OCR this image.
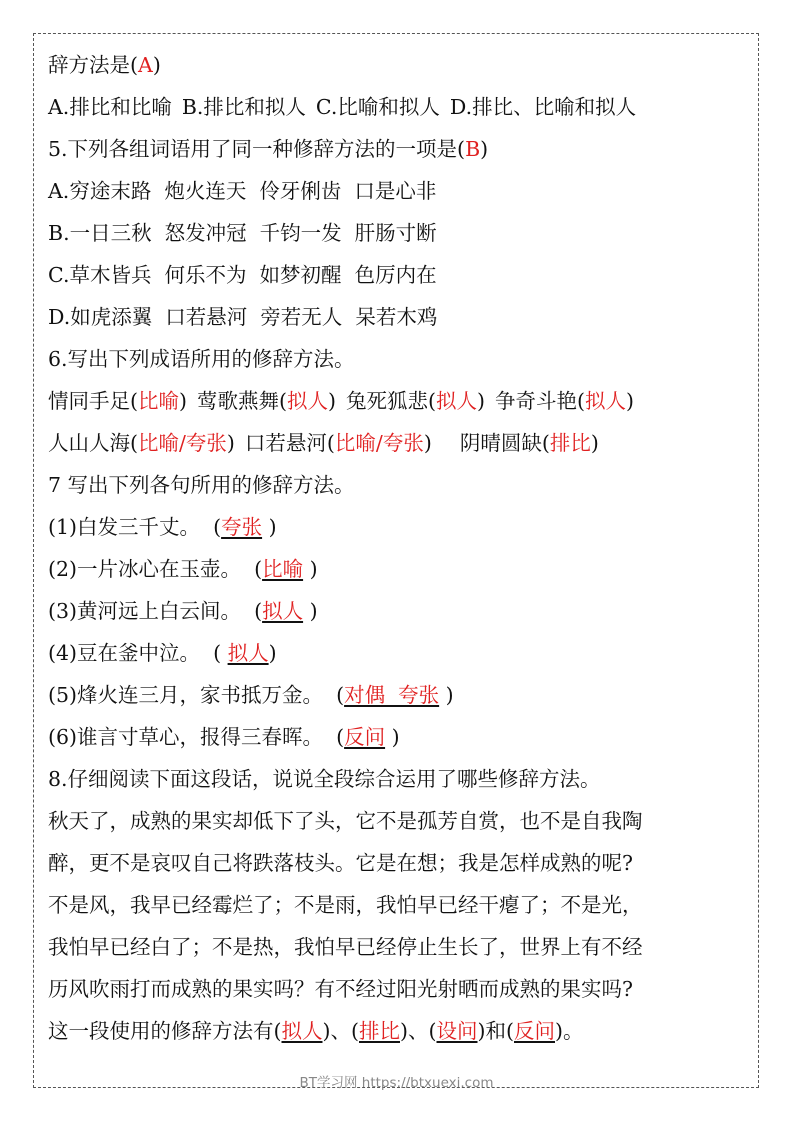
辞方法是(A)
A.排比和比喻 B.排比和拟人 C.比喻和拟人 D.排比、比喻和拟人
5.下列各组词语用了同一种修辞方法的一项是(B)
A.穷途末路  炮火连天  伶牙俐齿  口是心非
B.一日三秋  怒发冲冠  千钧一发  肝肠寸断
C.草木皆兵  何乐不为  如梦初醒  色厉内在
D.如虎添翼  口若悬河  旁若无人  呆若木鸡
6.写出下列成语所用的修辞方法。
情同手足(比喻) 莺歌燕舞(拟人) 兔死狐悲(拟人) 争奇斗艳(拟人)
人山人海(比喻/夸张) 口若悬河(比喻/夸张) 阴晴圆缺(排比)
7 写出下列各句所用的修辞方法。
(1)白发三千丈。  (夸张 )
(2)一片冰心在玉壶。  (比喻 )
(3)黄河远上白云间。  (拟人 )
(4)豆在釜中泣。  ( 拟人)
(5)烽火连三月，家书抵万金。  (对偶  夸张 )
(6)谁言寸草心，报得三春晖。  (反问 )
8.仔细阅读下面这段话，说说全段综合运用了哪些修辞方法。
秋天了，成熟的果实却低下了头，它不是孤芳自赏，也不是自我陶
醉，更不是哀叹自己将跌落枝头。它是在想；我是怎样成熟的呢?
不是风，我早已经霉烂了；不是雨，我怕早已经干瘪了；不是光，
我怕早已经白了；不是热，我怕早已经停止生长了，世界上有不经
历风吹雨打而成熟的果实吗？有不经过阳光射晒而成熟的果实吗?
这一段使用的修辞方法有(拟人)、(排比)、(设问)和(反问)。
BT学习网 https://btxuexi.com
